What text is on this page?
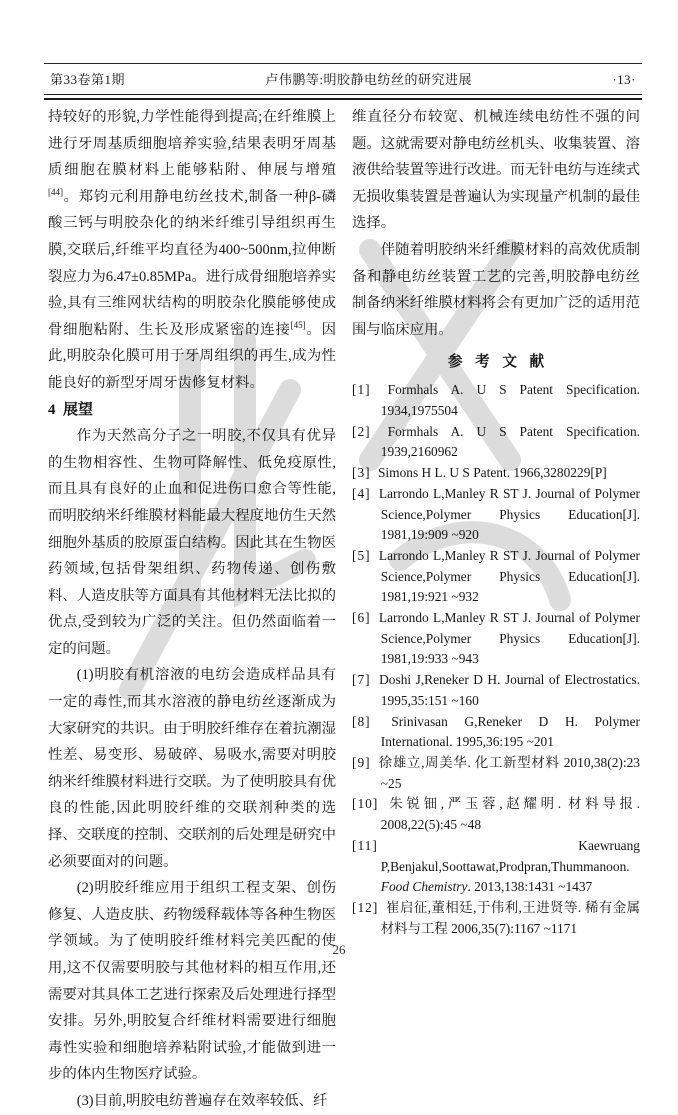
第33卷第1期	卢伟鹏等:明胶静电纺丝的研究进展	·13·

持较好的形貌,力学性能得到提高;在纤维膜上进行牙周基质细胞培养实验,结果表明牙周基质细胞在膜材料上能够粘附、伸展与增殖[44]。郑钧元利用静电纺丝技术,制备一种β-磷酸三钙与明胶杂化的纳米纤维引导组织再生膜,交联后,纤维平均直径为400~500nm,拉伸断裂应力为6.47±0.85MPa。进行成骨细胞培养实验,具有三维网状结构的明胶杂化膜能够使成骨细胞粘附、生长及形成紧密的连接[45]。因此,明胶杂化膜可用于牙周组织的再生,成为性能良好的新型牙周牙齿修复材料。

4  展望

作为天然高分子之一明胶,不仅具有优异的生物相容性、生物可降解性、低免疫原性,而且具有良好的止血和促进伤口愈合等性能,而明胶纳米纤维膜材料能最大程度地仿生天然细胞外基质的胶原蛋白结构。因此其在生物医药领域,包括骨架组织、药物传递、创伤敷料、人造皮肤等方面具有其他材料无法比拟的优点,受到较为广泛的关注。但仍然面临着一定的问题。

(1)明胶有机溶液的电纺会造成样品具有一定的毒性,而其水溶液的静电纺丝逐渐成为大家研究的共识。由于明胶纤维存在着抗潮湿性差、易变形、易破碎、易吸水,需要对明胶纳米纤维膜材料进行交联。为了使明胶具有优良的性能,因此明胶纤维的交联剂种类的选择、交联度的控制、交联剂的后处理是研究中必须要面对的问题。

(2)明胶纤维应用于组织工程支架、创伤修复、人造皮肤、药物缓释载体等各种生物医学领域。为了使明胶纤维材料完美匹配的使用,这不仅需要明胶与其他材料的相互作用,还需要对其具体工艺进行探索及后处理进行择型安排。另外,明胶复合纤维材料需要进行细胞毒性实验和细胞培养粘附试验,才能做到进一步的体内生物医疗试验。

(3)目前,明胶电纺普遍存在效率较低、纤

维直径分布较宽、机械连续电纺性不强的问题。这就需要对静电纺丝机头、收集装置、溶液供给装置等进行改进。而无针电纺与连续式无损收集装置是普遍认为实现量产机制的最佳选择。

伴随着明胶纳米纤维膜材料的高效优质制备和静电纺丝装置工艺的完善,明胶静电纺丝制备纳米纤维膜材料将会有更加广泛的适用范围与临床应用。

参 考 文 献
[1] Formhals A. U S Patent Specification. 1934,1975504
[2] Formhals A. U S Patent Specification. 1939,2160962
[3] Simons H L. U S Patent. 1966,3280229[P]
[4] Larrondo L,Manley R ST J. Journal of Polymer Science,Polymer Physics Education[J]. 1981,19:909 ~920
[5] Larrondo L,Manley R ST J. Journal of Polymer Science,Polymer Physics Education[J]. 1981,19:921 ~932
[6] Larrondo L,Manley R ST J. Journal of Polymer Science,Polymer Physics Education[J]. 1981,19:933 ~943
[7] Doshi J,Reneker D H. Journal of Electrostatics. 1995,35:151 ~160
[8] Srinivasan G,Reneker D H. Polymer International. 1995,36:195 ~201
[9] 徐雄立,周美华. 化工新型材料 2010,38(2):23 ~25
[10] 朱锐钿,严玉蓉,赵耀明. 材料导报. 2008,22(5):45 ~48
[11]	Kaewruang P,Benjakul,Soottawat,Prodpran,Thummanoon. Food Chemistry. 2013,138:1431 ~1437
[12] 崔启征,董相廷,于伟利,王进贤等. 稀有金属材料与工程 2006,35(7):1167 ~1171
26
